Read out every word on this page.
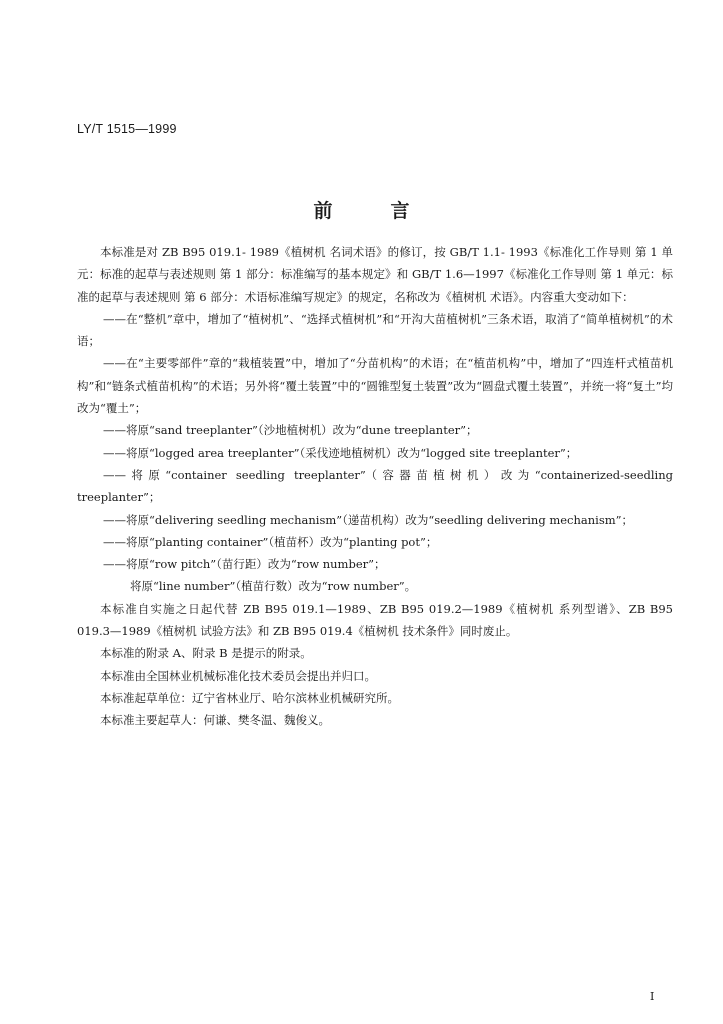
LY/T 1515—1999
前言

本标准是对 ZB B95 019.1- 1989《植树机 名词术语》的修订，按 GB/T 1.1- 1993《标准化工作导则 第 1 单元：标准的起草与表述规则 第 1 部分：标准编写的基本规定》和 GB/T 1.6—1997《标准化工作导则 第 1 单元：标准的起草与表述规则 第 6 部分：术语标准编写规定》的规定，名称改为《植树机 术语》。内容重大变动如下：

——在“整机”章中，增加了“植树机”、“选择式植树机”和“开沟大苗植树机”三条术语，取消了“简单植树机”的术语；

——在“主要零部件”章的“栽植装置”中，增加了“分苗机构”的术语；在“植苗机构”中，增加了“四连杆式植苗机构”和“链条式植苗机构”的术语；另外将“覆土装置”中的“圆锥型复土装置”改为“圆盘式覆土装置”，并统一将“复土”均改为“覆土”；

——将原“sand treeplanter”（沙地植树机）改为“dune treeplanter”；

——将原“logged area treeplanter”（采伐迹地植树机）改为“logged site treeplanter”；

——将原“container seedling treeplanter”（容器苗植树机）改为“containerized-seedling treeplanter”；

——将原“delivering seedling mechanism”（递苗机构）改为“seedling delivering mechanism”；

——将原“planting container”（植苗杯）改为“planting pot”；

——将原“row pitch”（苗行距）改为“row number”；

将原“line number”（植苗行数）改为“row number”。

本标准自实施之日起代替 ZB B95 019.1—1989、ZB B95 019.2—1989《植树机 系列型谱》、ZB B95 019.3—1989《植树机 试验方法》和 ZB B95 019.4《植树机 技术条件》同时废止。

本标准的附录 A、附录 B 是提示的附录。

本标准由全国林业机械标准化技术委员会提出并归口。

本标准起草单位：辽宁省林业厅、哈尔滨林业机械研究所。

本标准主要起草人：何谦、樊冬温、魏俊义。

I
